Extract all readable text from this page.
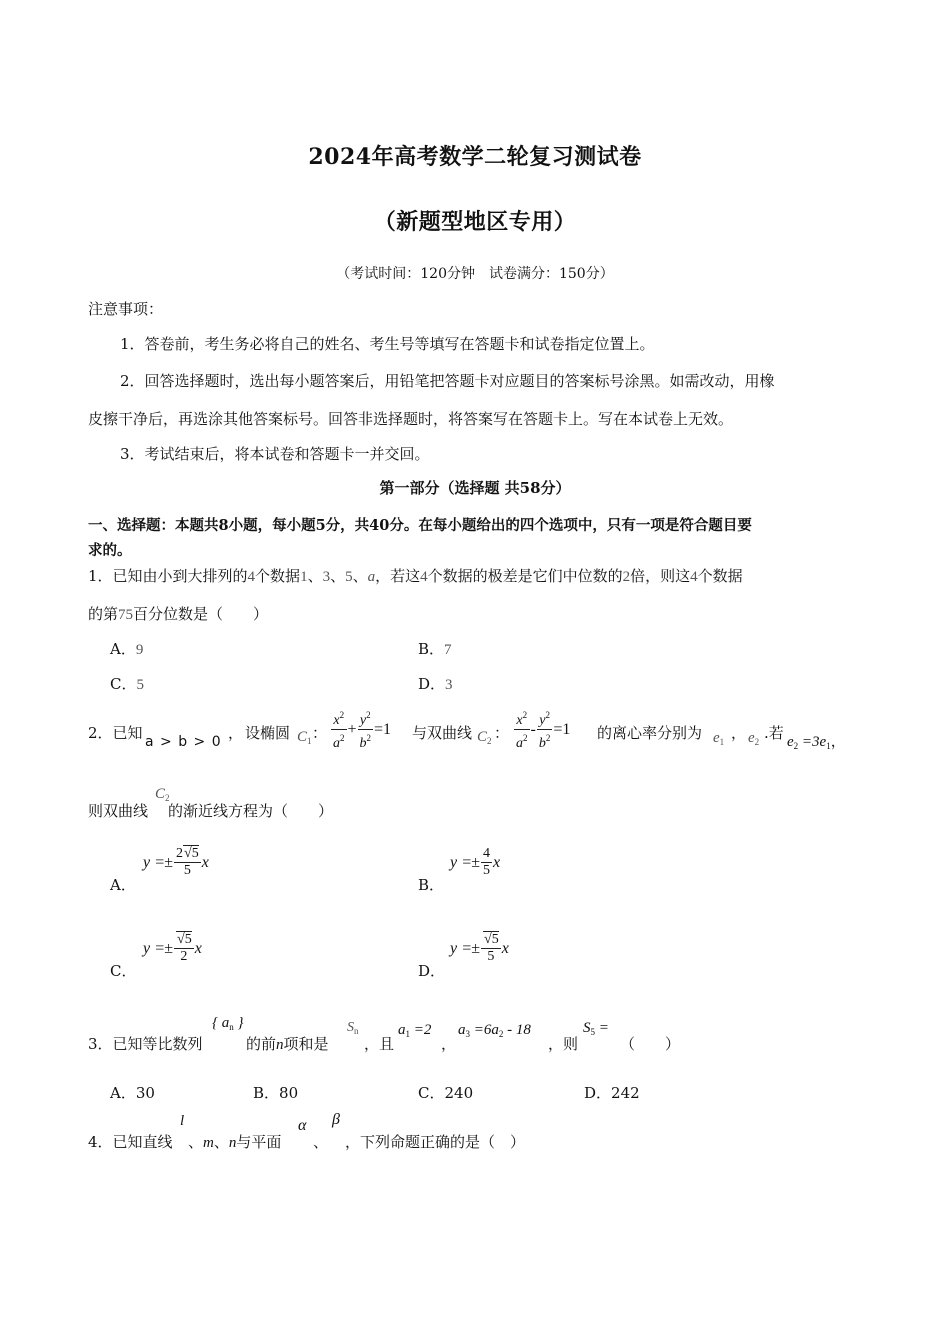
2024年高考数学二轮复习测试卷
（新题型地区专用）
（考试时间：120分钟　试卷满分：150分）
注意事项：
1．答卷前，考生务必将自己的姓名、考生号等填写在答题卡和试卷指定位置上。
2．回答选择题时，选出每小题答案后，用铅笔把答题卡对应题目的答案标号涂黑。如需改动，用橡
皮擦干净后，再选涂其他答案标号。回答非选择题时，将答案写在答题卡上。写在本试卷上无效。
3．考试结束后，将本试卷和答题卡一并交回。
第一部分（选择题 共58分）
一、选择题：本题共8小题，每小题5分，共40分。在每小题给出的四个选项中，只有一项是符合题目要
求的。
1．已知由小到大排列的4个数据1、3、5、a，若这4个数据的极差是它们中位数的2倍，则这4个数据
的第75百分位数是（　　）
A．9	B．7
C．5	D．3
2．已知 a > b > 0 ， 设椭圆 $C_1$ ： $\frac{x^2}{a^2} + \frac{y^2}{b^2} =1$ 与双曲线 $C_2$ ： $\frac{x^2}{a^2} - \frac{y^2}{b^2} =1$ 的离心率分别为 $e_1$ ， $e_2$ .若 $e_2 =3e_1$，
$C_2$
则双曲线 的渐近线方程为（　　）
A．
$y =\pm \frac{2√5}{5}$ x
B．
$y =\pm \frac{4}{5}$ x
C．
$y =\pm \frac{√5}{2}$ x
D．
$y =\pm \frac{√5}{5}$ x
3．已知等比数列
{ $a_n$ }
的前n项和是
$S_n$
，且
$a_1 =2$
，
$a_3 =6a_2 - 18$
，则
$S_5$ =
（　　）
A．30	B．80	C．240	D．242
4．已知直线
l
、m、n与平面
α
、
β
，下列命题正确的是（　）
